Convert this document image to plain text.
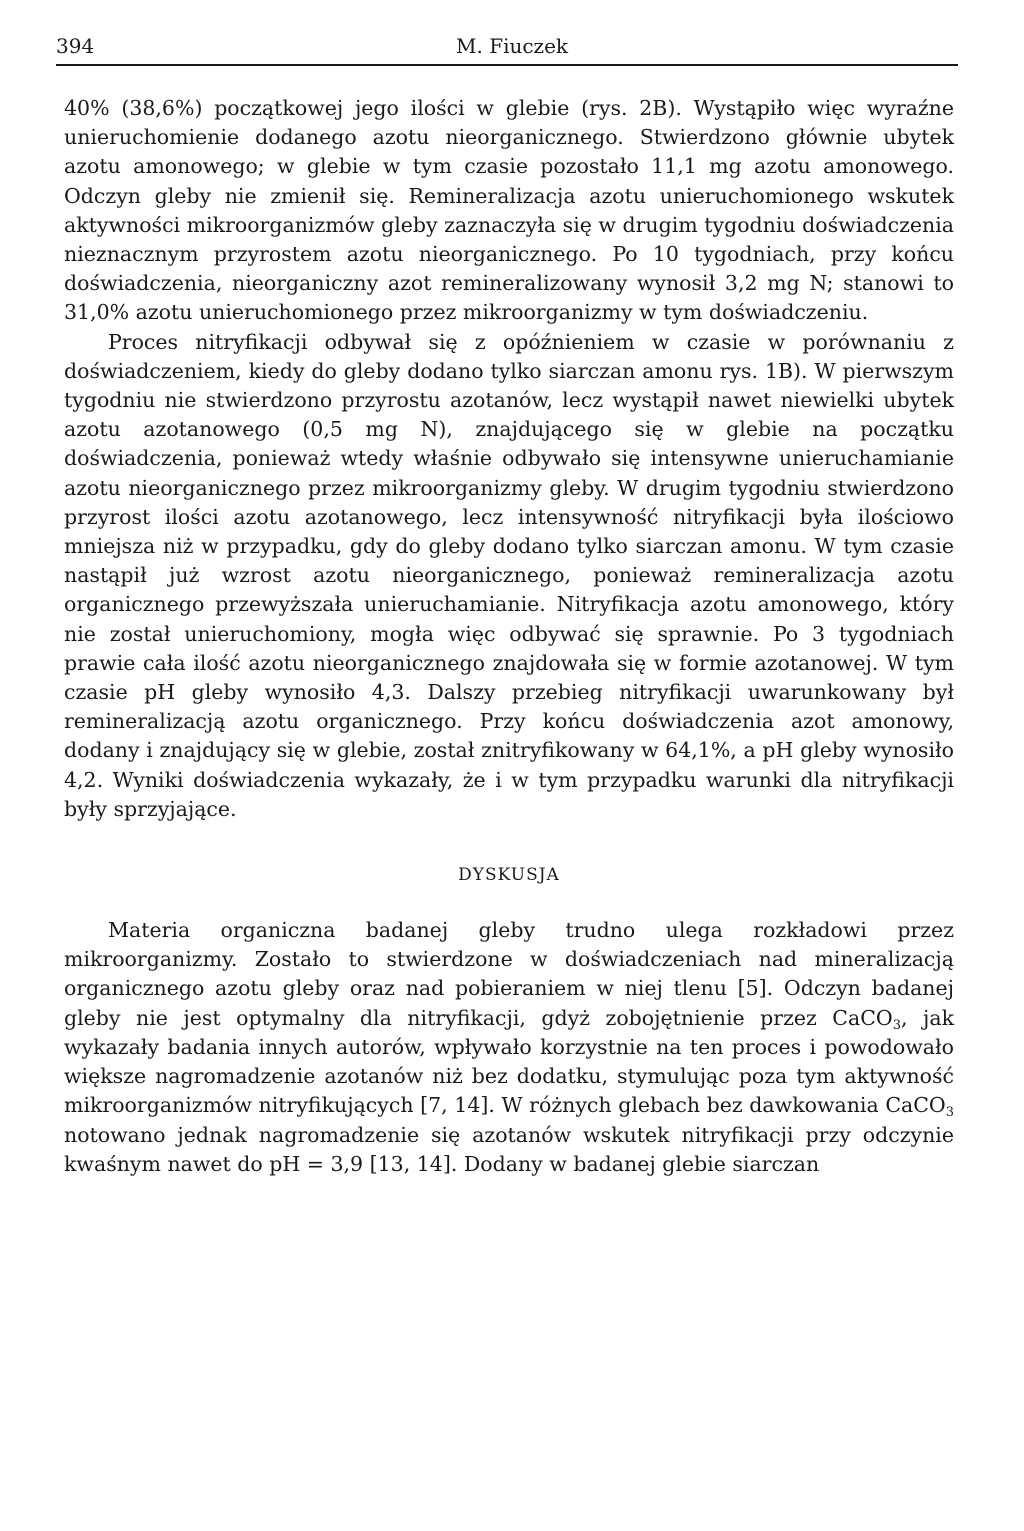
394	M. Fiuczek

40% (38,6%) początkowej jego ilości w glebie (rys. 2B). Wystąpiło więc wyraźne unieruchomienie dodanego azotu nieorganicznego. Stwierdzono głównie ubytek azotu amonowego; w glebie w tym czasie pozostało 11,1 mg azotu amonowego. Odczyn gleby nie zmienił się. Remineralizacja azotu unieruchomionego wskutek aktywności mikroorganizmów gleby zaznaczyła się w drugim tygodniu doświadczenia nieznacznym przyrostem azotu nieorganicznego. Po 10 tygodniach, przy końcu doświadczenia, nieorganiczny azot remineralizowany wynosił 3,2 mg N; stanowi to 31,0% azotu unieruchomionego przez mikroorganizmy w tym doświadczeniu.

Proces nitryfikacji odbywał się z opóźnieniem w czasie w porównaniu z doświadczeniem, kiedy do gleby dodano tylko siarczan amonu rys. 1B). W pierwszym tygodniu nie stwierdzono przyrostu azotanów, lecz wystąpił nawet niewielki ubytek azotu azotanowego (0,5 mg N), znajdującego się w glebie na początku doświadczenia, ponieważ wtedy właśnie odbywało się intensywne unieruchamianie azotu nieorganicznego przez mikroorganizmy gleby. W drugim tygodniu stwierdzono przyrost ilości azotu azotanowego, lecz intensywność nitryfikacji była ilościowo mniejsza niż w przypadku, gdy do gleby dodano tylko siarczan amonu. W tym czasie nastąpił już wzrost azotu nieorganicznego, ponieważ remineralizacja azotu organicznego przewyższała unieruchamianie. Nitryfikacja azotu amonowego, który nie został unieruchomiony, mogła więc odbywać się sprawnie. Po 3 tygodniach prawie cała ilość azotu nieorganicznego znajdowała się w formie azotanowej. W tym czasie pH gleby wynosiło 4,3. Dalszy przebieg nitryfikacji uwarunkowany był remineralizacją azotu organicznego. Przy końcu doświadczenia azot amonowy, dodany i znajdujący się w glebie, został znitryfikowany w 64,1%, a pH gleby wynosiło 4,2. Wyniki doświadczenia wykazały, że i w tym przypadku warunki dla nitryfikacji były sprzyjające.

DYSKUSJA

Materia organiczna badanej gleby trudno ulega rozkładowi przez mikroorganizmy. Zostało to stwierdzone w doświadczeniach nad mineralizacją organicznego azotu gleby oraz nad pobieraniem w niej tlenu [5]. Odczyn badanej gleby nie jest optymalny dla nitryfikacji, gdyż zobojętnienie przez CaCO$_3$, jak wykazały badania innych autorów, wpływało korzystnie na ten proces i powodowało większe nagromadzenie azotanów niż bez dodatku, stymulując poza tym aktywność mikroorganizmów nitryfikujących [7, 14]. W różnych glebach bez dawkowania CaCO$_3$ notowano jednak nagromadzenie się azotanów wskutek nitryfikacji przy odczynie kwaśnym nawet do pH = 3,9 [13, 14]. Dodany w badanej glebie siarczan
